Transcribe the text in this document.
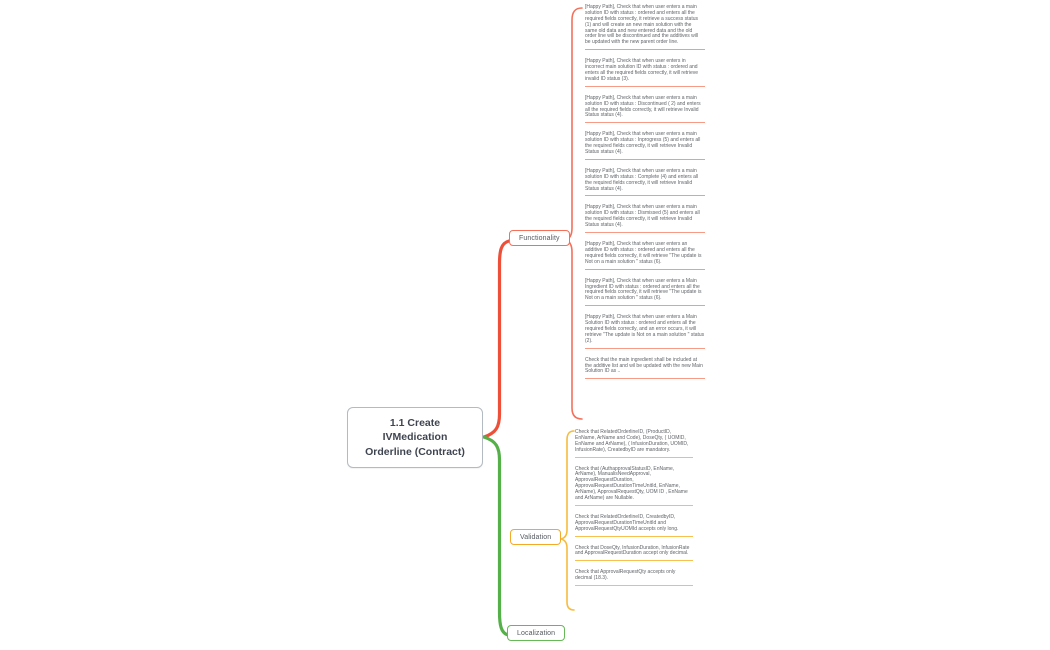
1.1 Create IVMedication Orderline (Contract)
Functionality
Validation
Localization
[Happy Path], Check that when user enters a main solution ID with status : ordered and enters all the required fields correctly, it retrieve a success status (1) and will create an new main solution with the same old data and new entered data and the old order line will be discontinued and the additives will be updated with the new parent order line.
[Happy Path], Check that when user enters in incorrect main solution ID with status : ordered and enters all the required fields correctly, it will retrieve invalid ID status (3).
[Happy Path], Check that when user enters a main solution ID with status : Discontinued ( 2) and enters all the required fields correctly, it will retrieve Invalid Status status (4).
[Happy Path], Check that when user enters a main solution ID with status : Inprogress (5) and enters all the required fields correctly, it will retrieve Invalid Status status (4).
[Happy Path], Check that when user enters a main solution ID with status : Complete (4) and enters all the required fields correctly, it will retrieve Invalid Status status (4).
[Happy Path], Check that when user enters a main solution ID with status : Dismissed (5) and enters all the required fields correctly, it will retrieve Invalid Status status (4).
[Happy Path], Check that when user enters an additive ID with status : ordered and enters all the required fields correctly, it will retrieve "The update is Not on a main solution " status (6).
[Happy Path], Check that when user enters a Main Ingredient ID with status : ordered and enters all the required fields correctly, it will retrieve "The update is Not on a main solution " status (6).
[Happy Path], Check that when user enters a Main Solution ID with status : ordered and enters all the required fields correctly, and an error occurs, it will retrieve "The update is Not on a main solution " status (2).
Check that the main ingredient shall be included at the additive list and wil be updated with the new Main Solution ID as ..
Check that RelatedOrderlineID, (ProductID, EnName, ArName and Code), DoseQty, ( UOMID, EnName and ArName), ( InfusionDuration, UOMID, InfusionRate), CreatedbyID are mandatory.
Check that (AuthapprovalStatusID, EnName, ArName), ManualisNeedApproval, ApprovalRequestDuration, ApprovalRequestDurationTimeUnitId, EnName, ArName), ApprovalRequestQty, UOM ID , EnName and ArName) are Nullable.
Check that RelatedOrderlineID, CreatedbyID, ApprovalRequestDurationTimeUnitId and ApprovalRequestQtyUOMId accepts only long.
Check that DoseQty, InfusionDuration, InfusionRate and ApprovalRequestDuration accept only decimal.
Check that ApprovalRequestQty accepts only decimal (18.3).
